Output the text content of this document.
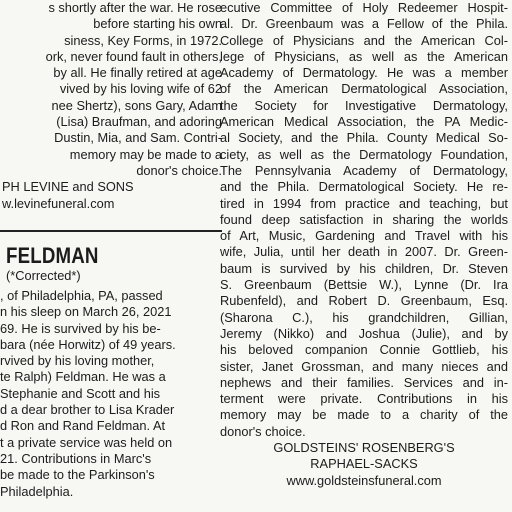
s shortly after the war. He rose
before starting his own
siness, Key Forms, in 1972.
ork, never found fault in others,
by all. He finally retired at age
vived by his loving wife of 62
nee Shertz), sons Gary, Adam
(Lisa) Braufman, and adoring
Dustin, Mia, and Sam. Contri-
memory may be made to a
donor's choice.
PH LEVINE and SONS
w.levinefuneral.com
FELDMAN
(*Corrected*)
, of Philadelphia, PA, passed
n his sleep on March 26, 2021
69. He is survived by his be-
bara (née Horwitz) of 49 years.
rvived by his loving mother,
te Ralph) Feldman. He was a
Stephanie and Scott and his
d a dear brother to Lisa Krader
d Ron and Rand Feldman. At
t a private service was held on
21. Contributions in Marc's
be made to the Parkinson's
Philadelphia.
ecutive Committee of Holy Redeemer Hospit-
al. Dr. Greenbaum was a Fellow of the Phila.
College of Physicians and the American Col-
lege of Physicians, as well as the American
Academy of Dermatology. He was a member
of the American Dermatological Association,
the Society for Investigative Dermatology,
American Medical Association, the PA Medic-
al Society, and the Phila. County Medical So-
ciety, as well as the Dermatology Foundation,
The Pennsylvania Academy of Dermatology,
and the Phila. Dermatological Society. He re-
tired in 1994 from practice and teaching, but
found deep satisfaction in sharing the worlds
of Art, Music, Gardening and Travel with his
wife, Julia, until her death in 2007. Dr. Green-
baum is survived by his children, Dr. Steven
S. Greenbaum (Bettsie W.), Lynne (Dr. Ira
Rubenfeld), and Robert D. Greenbaum, Esq.
(Sharona C.), his grandchildren, Gillian,
Jeremy (Nikko) and Joshua (Julie), and by
his beloved companion Connie Gottlieb, his
sister, Janet Grossman, and many nieces and
nephews and their families. Services and in-
terment were private. Contributions in his
memory may be made to a charity of the
donor's choice.
GOLDSTEINS' ROSENBERG'S
RAPHAEL-SACKS
www.goldsteinsfuneral.com
